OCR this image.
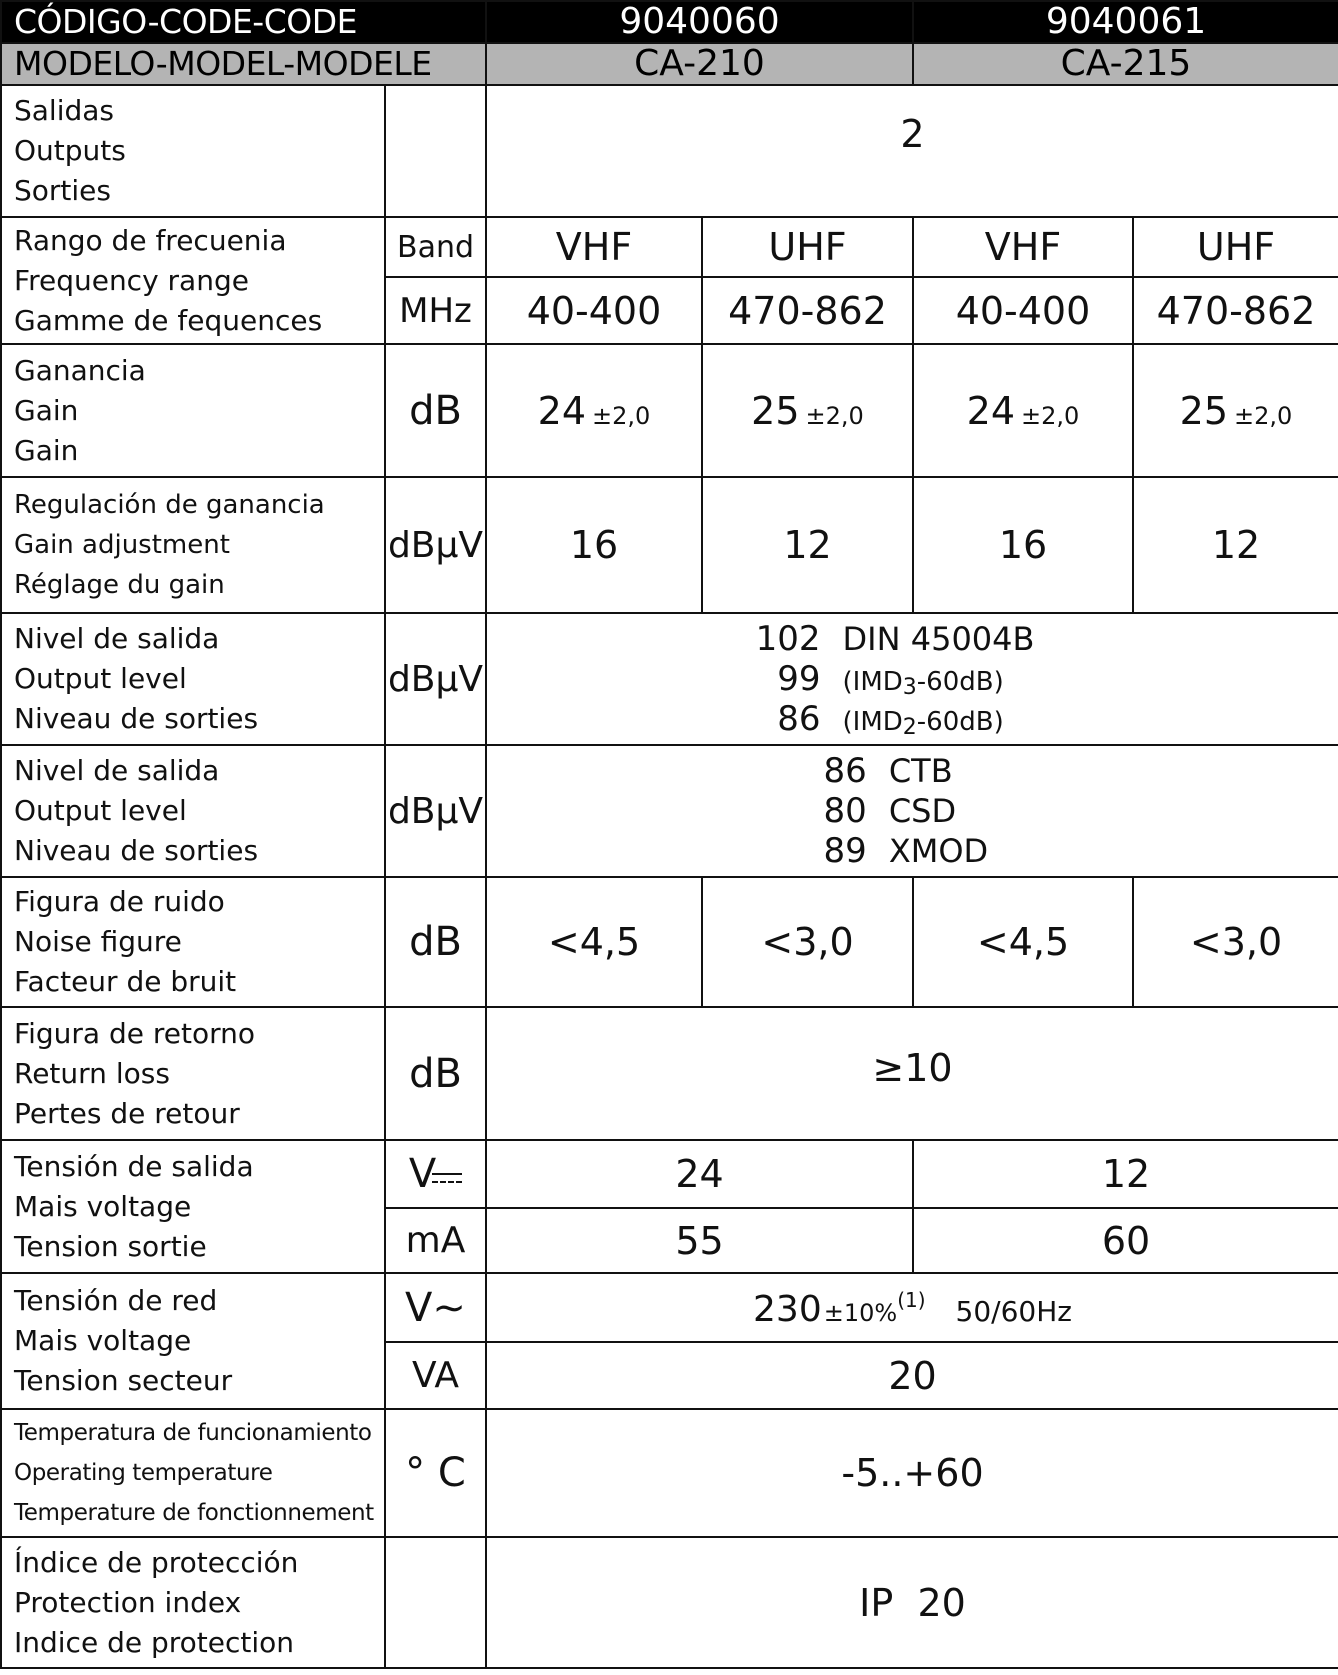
CÓDIGO-CODE-CODE		9040060		9040061	
MODELO-MODEL-MODELE		CA-210		CA-215	

Salidas
Outputs
Sorties		2			

Rango de frecuenia
Frequency range
Gamme de fequences	Band	VHF	UHF	VHF	UHF
	MHz	40-400	470-862	40-400	470-862

Ganancia
Gain
Gain	dB	24 ±2,0	25 ±2,0	24 ±2,0	25 ±2,0

Regulación de ganancia
Gain adjustment
Réglage du gain	dBμV	16	12	16	12

Nivel de salida
Output level
Niveau de sorties	dBμV	102 DIN 45004B
99 (IMD3-60dB)
86 (IMD2-60dB)			

Nivel de salida
Output level
Niveau de sorties	dBμV	86 CTB
80 CSD
89 XMOD			

Figura de ruido
Noise figure
Facteur de bruit	dB	<4,5	<3,0	<4,5	<3,0

Figura de retorno
Return loss
Pertes de retour	dB	≥10			

Tensión de salida
Mais voltage
Tension sortie	V	24		12	
	mA	55		60	

Tensión de red
Mais voltage
Tension secteur	V∼	230±10%$^{(1)}$ 50/60Hz			
	VA	20			

Temperatura de funcionamiento
Operating temperature
Temperature de fonctionnement	° C	-5..+60			

Índice de protección
Protection index
Indice de protection		IP  20			
